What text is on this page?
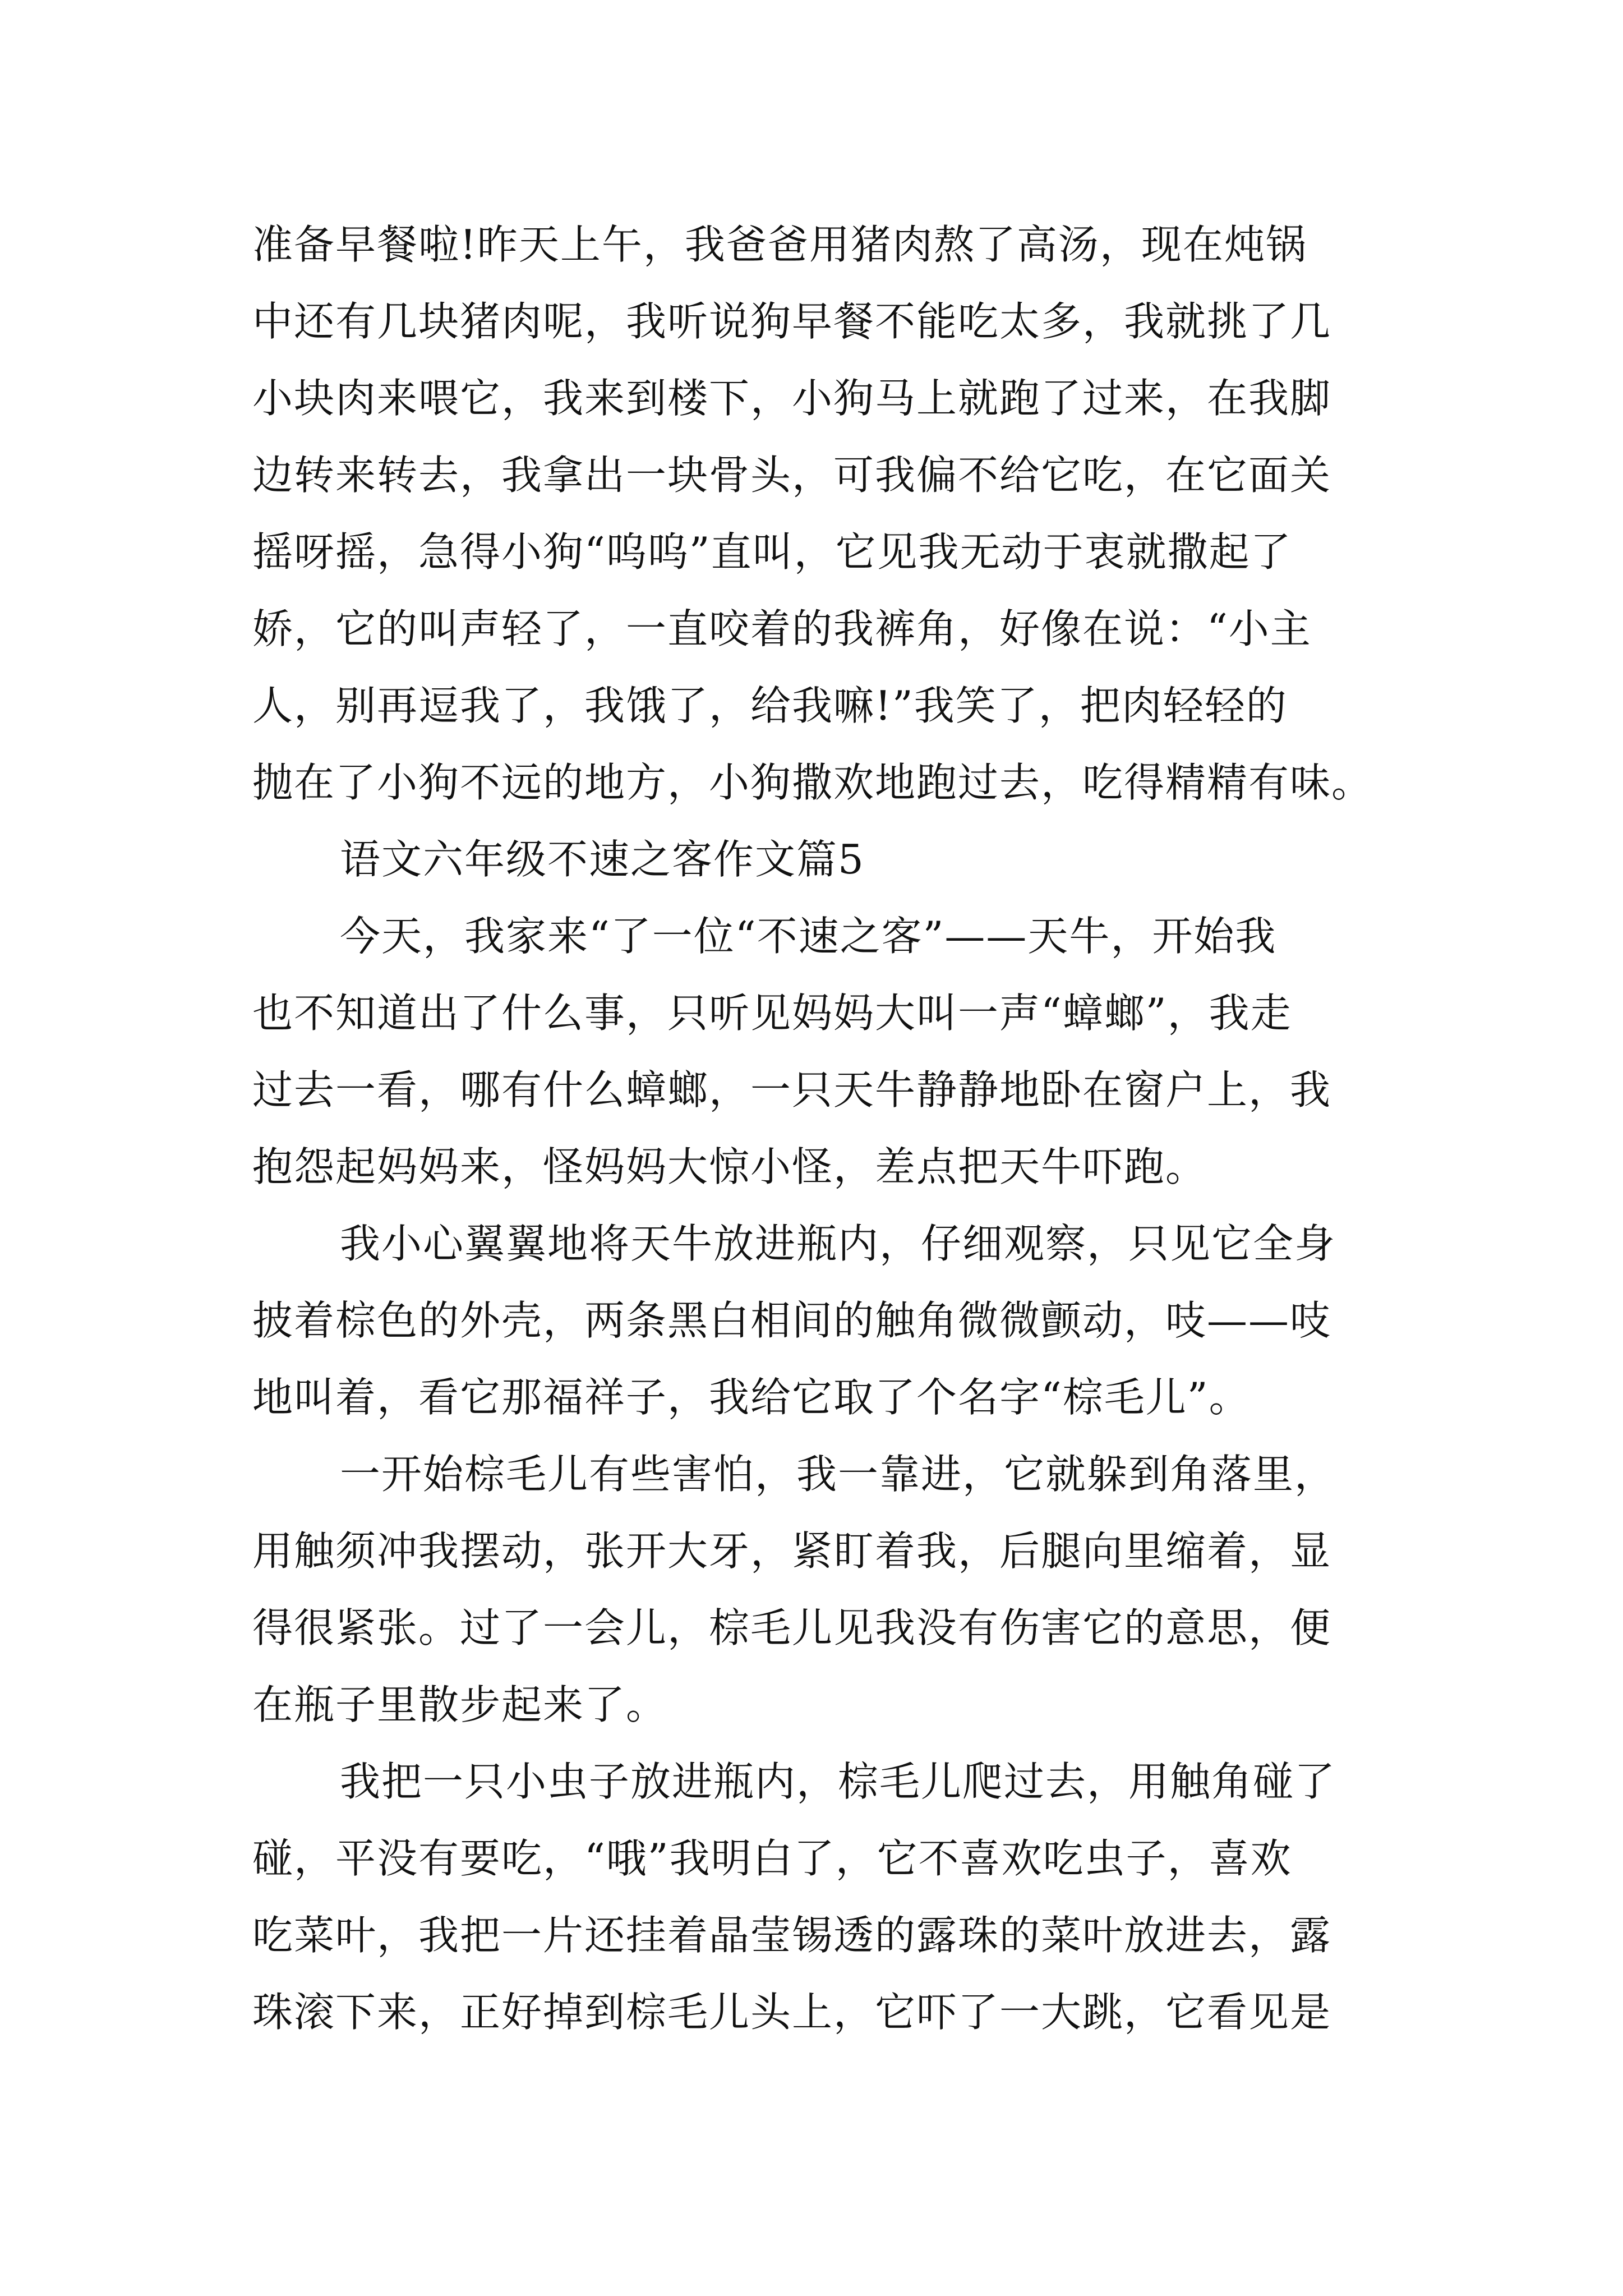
准备早餐啦!昨天上午，我爸爸用猪肉熬了高汤，现在炖锅
中还有几块猪肉呢，我听说狗早餐不能吃太多，我就挑了几
小块肉来喂它，我来到楼下，小狗马上就跑了过来，在我脚
边转来转去，我拿出一块骨头，可我偏不给它吃，在它面关
摇呀摇，急得小狗“呜呜”直叫，它见我无动于衷就撒起了
娇，它的叫声轻了，一直咬着的我裤角，好像在说：“小主
人，别再逗我了，我饿了，给我嘛!”我笑了，把肉轻轻的
抛在了小狗不远的地方，小狗撒欢地跑过去，吃得精精有味。
语文六年级不速之客作文篇5
今天，我家来“了一位“不速之客”——天牛，开始我
也不知道出了什么事，只听见妈妈大叫一声“蟑螂”，我走
过去一看，哪有什么蟑螂，一只天牛静静地卧在窗户上，我
抱怨起妈妈来，怪妈妈大惊小怪，差点把天牛吓跑。
我小心翼翼地将天牛放进瓶内，仔细观察，只见它全身
披着棕色的外壳，两条黑白相间的触角微微颤动，吱——吱
地叫着，看它那福祥子，我给它取了个名字“棕毛儿”。
一开始棕毛儿有些害怕，我一靠进，它就躲到角落里，
用触须冲我摆动，张开大牙，紧盯着我，后腿向里缩着，显
得很紧张。过了一会儿，棕毛儿见我没有伤害它的意思，便
在瓶子里散步起来了。
我把一只小虫子放进瓶内，棕毛儿爬过去，用触角碰了
碰，平没有要吃，“哦”我明白了，它不喜欢吃虫子，喜欢
吃菜叶，我把一片还挂着晶莹锡透的露珠的菜叶放进去，露
珠滚下来，正好掉到棕毛儿头上，它吓了一大跳，它看见是
